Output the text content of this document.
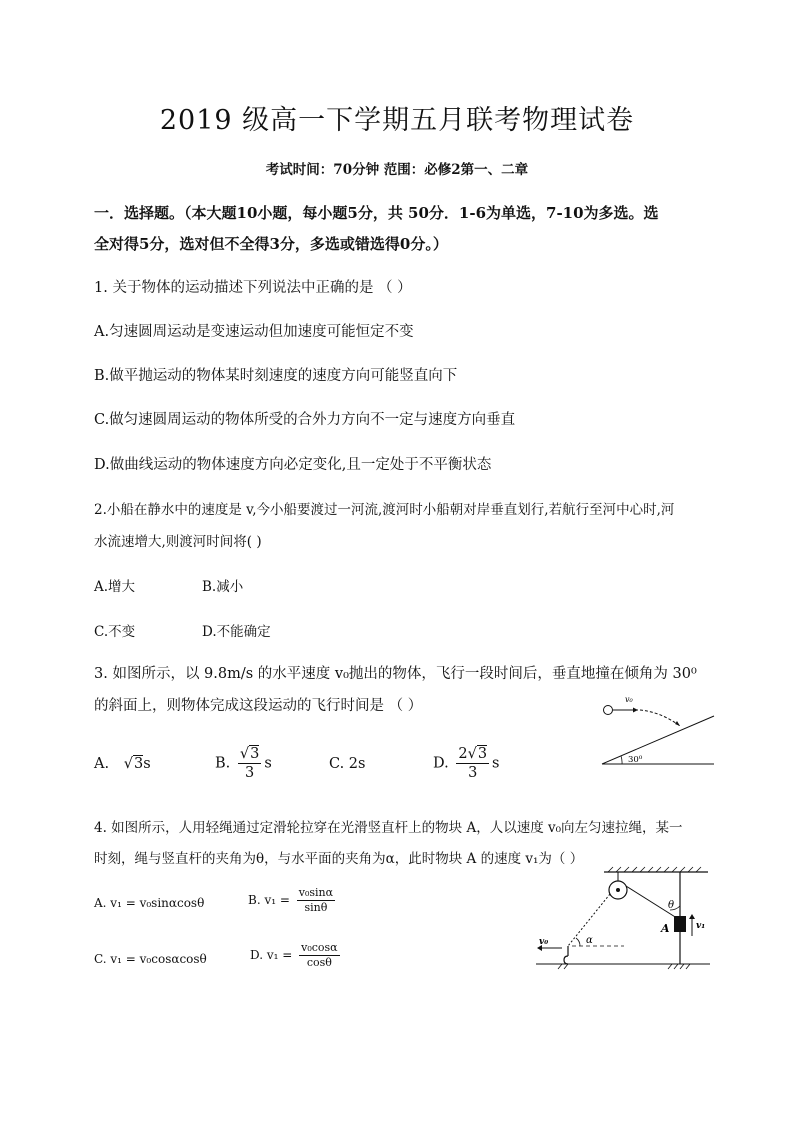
2019 级高一下学期五月联考物理试卷
考试时间：70分钟 范围：必修2第一、二章
一．选择题。（本大题10小题，每小题5分，共 50分．1-6为单选，7-10为多选。选
全对得5分，选对但不全得3分，多选或错选得0分。）
1. 关于物体的运动描述下列说法中正确的是 （ ）
A.匀速圆周运动是变速运动但加速度可能恒定不变
B.做平抛运动的物体某时刻速度的速度方向可能竖直向下
C.做匀速圆周运动的物体所受的合外力方向不一定与速度方向垂直
D.做曲线运动的物体速度方向必定变化,且一定处于不平衡状态
2.小船在静水中的速度是 v,今小船要渡过一河流,渡河时小船朝对岸垂直划行,若航行至河中心时,河
水流速增大,则渡河时间将( )
A.增大	B.减小
C.不变	D.不能确定
3. 如图所示，以 9.8m/s 的水平速度 v₀抛出的物体，飞行一段时间后，垂直地撞在倾角为 30⁰
的斜面上，则物体完成这段运动的飞行时间是 （ ）
A. √3s	B. $\frac{√3}{3}$ s	C. 2s	D. $\frac{2√3}{3}$ s
v₀
30⁰
4. 如图所示，人用轻绳通过定滑轮拉穿在光滑竖直杆上的物块 A，人以速度 v₀向左匀速拉绳，某一
时刻，绳与竖直杆的夹角为θ，与水平面的夹角为α，此时物块 A 的速度 v₁为（ ）
A. v₁ = v₀sinαcosθ	B. $v_1 = \frac{\text{v₀sinα}}{\sin\theta}$
C. v₁ = v₀cosαcosθ	D. $v_1 = \frac{\text{v₀cosα}}{\cos\theta}$	v₀	α
θ
A	v₁
